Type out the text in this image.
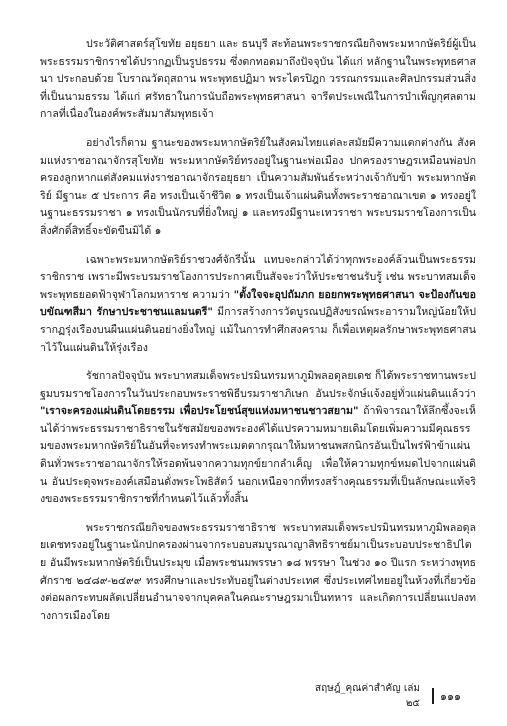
ประวัติศาสตร์สุโขทัย อยุธยา และ ธนบุรี สะท้อนพระราชกรณียกิจพระมหากษัตริย์ผู้เป็นพระธรรมราชิกราชได้ปรากฏเป็นรูปธรรม ซึ่งตกทอดมาถึงปัจจุบัน ได้แก่ หลักฐานในพระพุทธศาสนา ประกอบด้วย โบราณวัตถุสถาน พระพุทธปฏิมา พระไตรปิฎก วรรณกรรมและศิลปกรรมส่วนสิ่งที่เป็นนามธรรม ได้แก่ ศรัทธาในการนับถือพระพุทธศาสนา จารีตประเพณีในการบำเพ็ญกุศลตามกาลที่เนื่องในองค์พระสัมมาสัมพุทธเจ้า

อย่างไรก็ตาม ฐานะของพระมหากษัตริย์ในสังคมไทยแต่ละสมัยมีความแตกต่างกัน สังคมแห่งราชอาณาจักรสุโขทัย พระมหากษัตริย์ทรงอยู่ในฐานะพ่อเมือง ปกครองราษฎรเหมือนพ่อปกครองลูกหากแต่สังคมแห่งราชอาณาจักรอยุธยา เป็นความสัมพันธ์ระหว่างเจ้ากับข้า พระมหากษัตริย์ มีฐานะ ๕ ประการ คือ ทรงเป็นเจ้าชีวิต ๑ ทรงเป็นเจ้าแผ่นดินทั้งพระราชอาณาเขต ๑ ทรงอยู่ในฐานะธรรมราชา ๑ ทรงเป็นนักรบที่ยิ่งใหญ่ ๑ และทรงมีฐานะเทวราชา พระบรมราชโองการเป็นสิ่งศักดิ์สิทธิ์จะขัดขืนมิได้ ๑

เฉพาะพระมหากษัตริย์ราชวงศ์จักรีนั้น แทบจะกล่าวได้ว่าทุกพระองค์ล้วนเป็นพระธรรมราชิกราช เพราะมีพระบรมราชโองการประกาศเป็นสัจจะว่าให้ประชาชนรับรู้ เช่น พระบาทสมเด็จพระพุทธยอดฟ้าจุฬาโลกมหาราช ความว่า "ตั้งใจจะอุปถัมภก ยอยกพระพุทธศาสนา จะป้องกันขอบขัณฑสีมา รักษาประชาชนแลมนตรี" มีการสร้างการวัดบูรณปฏิสังขรณ์พระอารามใหญ่น้อยให้ปรากฏรุ่งเรืองบนผืนแผ่นดินอย่างยิ่งใหญ่ แม้ในการทำศึกสงคราม ก็เพื่อเหตุผลรักษาพระพุทธศาสนาไว้ในแผ่นดินให้รุ่งเรือง

รัชกาลปัจจุบัน พระบาทสมเด็จพระปรมินทรมหาภูมิพลอดุลยเดช ก็ได้พระราชทานพระปฐมบรมราชโองการในวันประกอบพระราชพิธีบรมราชาภิเษก อันประจักษ์แจ้งอยู่ทั่วแผ่นดินแล้วว่า "เราจะครองแผ่นดินโดยธรรม เพื่อประโยชน์สุขแห่งมหาชนชาวสยาม" ถ้าพิจารณาให้ลึกซึ้งจะเห็นได้ว่าพระธรรมราชาธิราชในรัชสมัยของพระองค์ได้แปรความหมายเดิมโดยเพิ่มความมีคุณธรรมของพระมหากษัตริย์ในอันที่จะทรงทำพระเมตตากรุณาให้มหาชนพสกนิกรอันเป็นไพร่ฟ้าข้าแผ่นดินทั่วพระราชอาณาจักรให้รอดพ้นจากความทุกข์ยากลำเค็ญ เพื่อให้ความทุกข์หมดไปจากแผ่นดิน อันประดุจพระองค์เสมือนดั่งพระโพธิสัตว์ นอกเหนือจากที่ทรงสร้างคุณธรรมที่เป็นลักษณะแท้จริงของพระธรรมราชิกราชที่กำหนดไว้แล้วทั้งสิ้น

พระราชกรณียกิจของพระธรรมราชาธิราช พระบาทสมเด็จพระปรมินทรมหาภูมิพลอดุลยเดชทรงอยู่ในฐานะนักปกครองผ่านจากระบอบสมบูรณาญาสิทธิราชย์มาเป็นระบอบประชาธิปไตย อันมีพระมหากษัตริย์เป็นประมุข เมื่อพระชนมพรรษา ๑๘ พรรษา ในช่วง ๑๐ ปีแรก ระหว่างพุทธศักราช ๒๔๘๙-๒๔๙๙ ทรงศึกษาและประทับอยู่ในต่างประเทศ ซึ่งประเทศไทยอยู่ในห้วงที่เกี่ยวข้องต่อผลกระทบผลัดเปลี่ยนอำนาจจากบุคคลในคณะราษฎรมาเป็นทหาร และเกิดการเปลี่ยนแปลงทางการเมืองโดย

สฤษฎ์_คุณค่าสำคัญ เล่ม ๒๕
๑๑๑
